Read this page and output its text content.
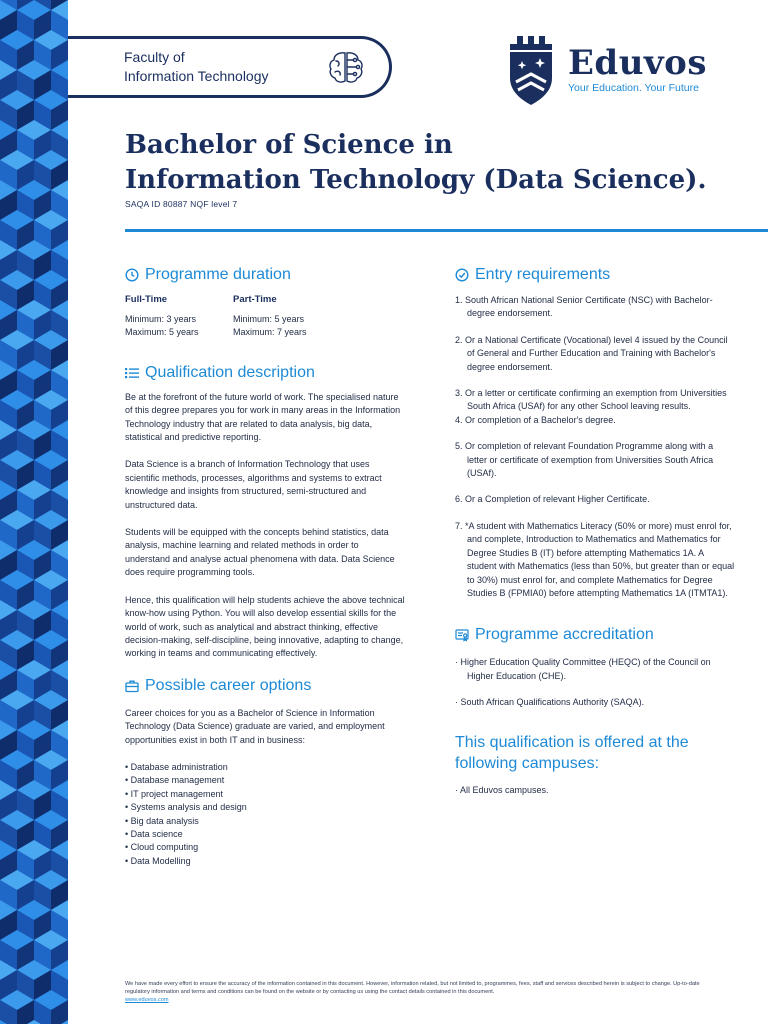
Faculty of
Information Technology	Eduvos
Your Education. Your Future
Bachelor of Science in
Information Technology (Data Science).
SAQA ID 80887 NQF level 7
Programme duration
Full-Time
Minimum: 3 years
Maximum: 5 years
Part-Time
Minimum: 5 years
Maximum: 7 years
Qualification description

Be at the forefront of the future world of work. The specialised nature of this degree prepares you for work in many areas in the Information Technology industry that are related to data analysis, big data, statistical and predictive reporting.

Data Science is a branch of Information Technology that uses scientific methods, processes, algorithms and systems to extract knowledge and insights from structured, semi-structured and unstructured data.

Students will be equipped with the concepts behind statistics, data analysis, machine learning and related methods in order to understand and analyse actual phenomena with data. Data Science does require programming tools.

Hence, this qualification will help students achieve the above technical know-how using Python. You will also develop essential skills for the world of work, such as analytical and abstract thinking, effective decision-making, self-discipline, being innovative, adapting to change, working in teams and communicating effectively.

Possible career options

Career choices for you as a Bachelor of Science in Information Technology (Data Science) graduate are varied, and employment opportunities exist in both IT and in business:

• Database administration
• Database management
• IT project management
• Systems analysis and design
• Big data analysis
• Data science
• Cloud computing
• Data Modelling
Entry requirements

1. South African National Senior Certificate (NSC) with Bachelor-degree endorsement.

2. Or a National Certificate (Vocational) level 4 issued by the Council of General and Further Education and Training with Bachelor's degree endorsement.

3. Or a letter or certificate confirming an exemption from Universities South Africa (USAf) for any other School leaving results.

4. Or completion of a Bachelor's degree.

5. Or completion of relevant Foundation Programme along with a letter or certificate of exemption from Universities South Africa (USAf).

6. Or a Completion of relevant Higher Certificate.

7. *A student with Mathematics Literacy (50% or more) must enrol for, and complete, Introduction to Mathematics and Mathematics for Degree Studies B (IT) before attempting Mathematics 1A. A student with Mathematics (less than 50%, but greater than or equal to 30%) must enrol for, and complete Mathematics for Degree Studies B (FPMIA0) before attempting Mathematics 1A (ITMTA1).

Programme accreditation

· Higher Education Quality Committee (HEQC) of the Council on Higher Education (CHE).

· South African Qualifications Authority (SAQA).

This qualification is offered at the following campuses:

· All Eduvos campuses.

We have made every effort to ensure the accuracy of the information contained in this document. However, information related, but not limited to, programmes, fees, staff and services described herein is subject to change. Up-to-date regulatory information and terms and conditions can be found on the website or by contacting us using the contact details contained in this document.
www.eduvos.com
